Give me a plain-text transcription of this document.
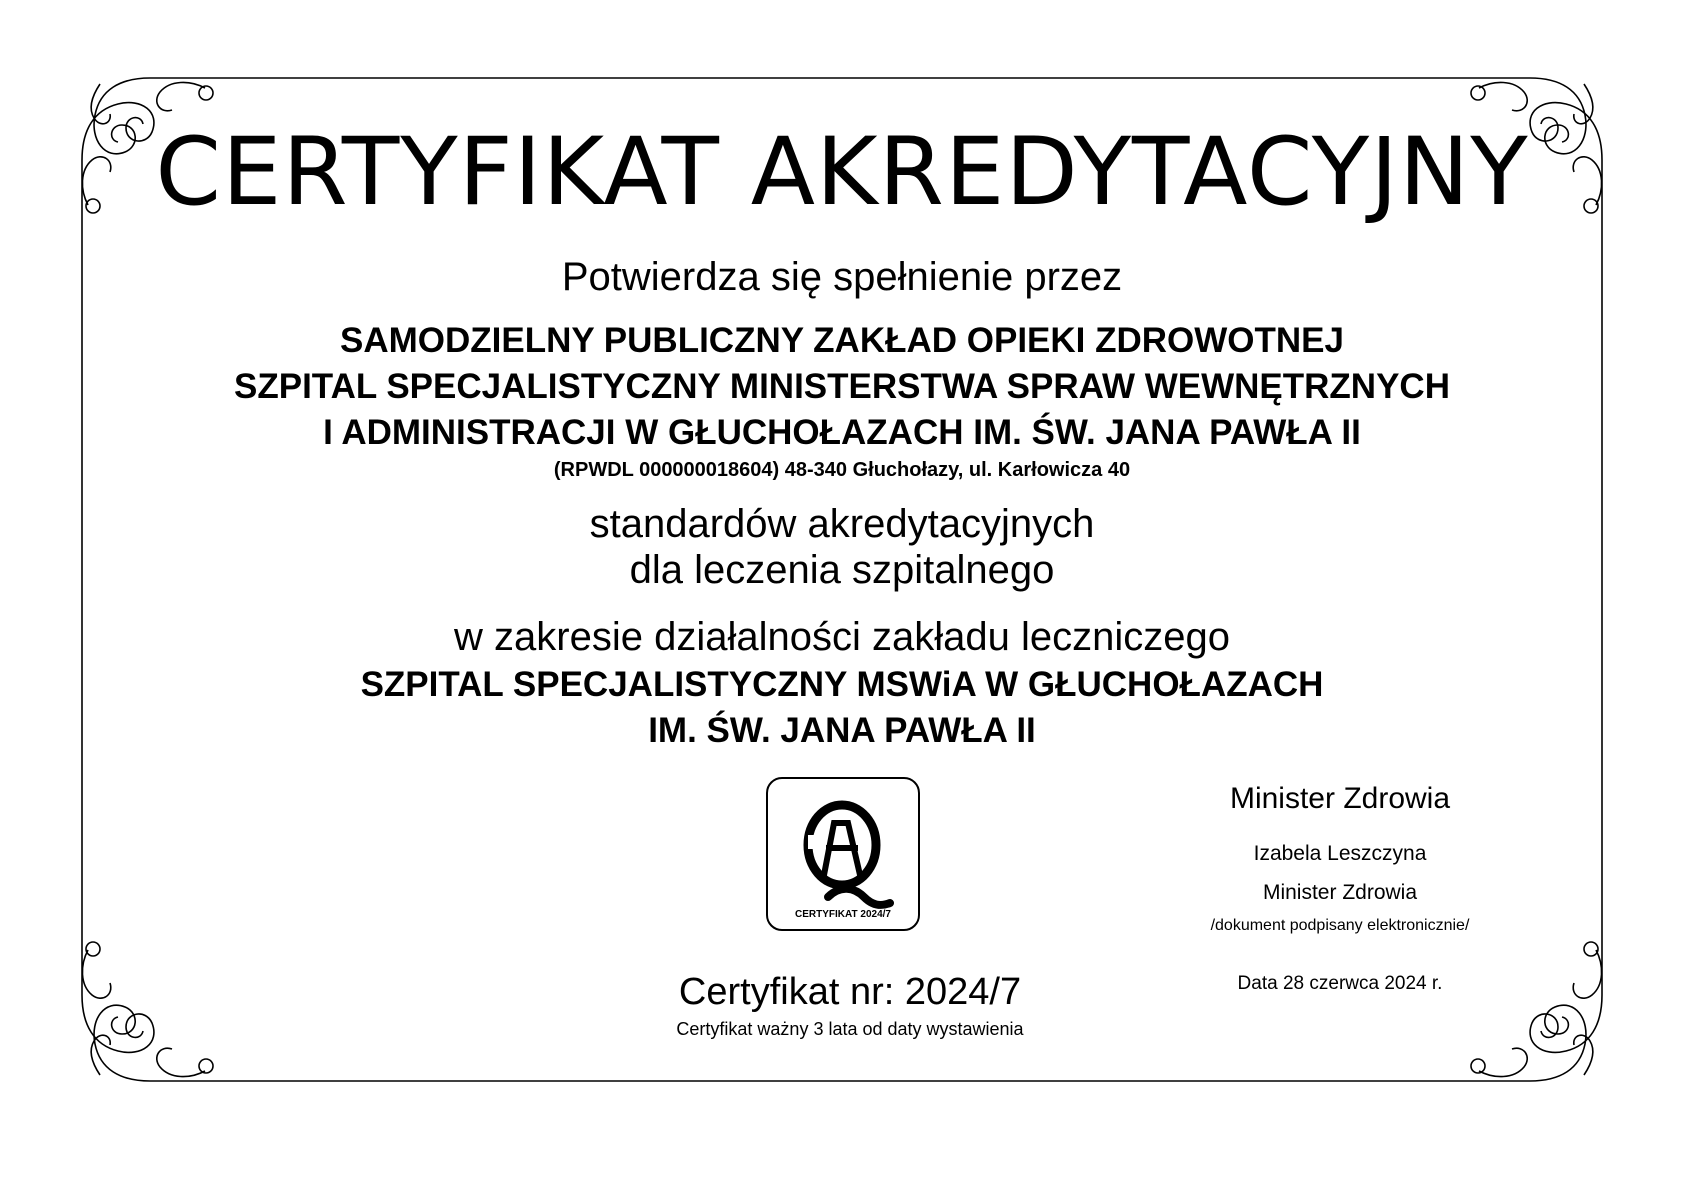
CERTYFIKAT AKREDYTACYJNY
Potwierdza się spełnienie przez
SAMODZIELNY PUBLICZNY ZAKŁAD OPIEKI ZDROWOTNEJ
SZPITAL SPECJALISTYCZNY MINISTERSTWA SPRAW WEWNĘTRZNYCH
I ADMINISTRACJI W GŁUCHOŁAZACH IM. ŚW. JANA PAWŁA II
(RPWDL 000000018604) 48-340 Głuchołazy, ul. Karłowicza 40
standardów akredytacyjnych
dla leczenia szpitalnego
w zakresie działalności zakładu leczniczego
SZPITAL SPECJALISTYCZNY MSWiA W GŁUCHOŁAZACH
IM. ŚW. JANA PAWŁA II
CERTYFIKAT 2024/7
Certyfikat nr: 2024/7
Certyfikat ważny 3 lata od daty wystawienia
Minister Zdrowia
Izabela Leszczyna
Minister Zdrowia
/dokument podpisany elektronicznie/
Data 28 czerwca 2024 r.
